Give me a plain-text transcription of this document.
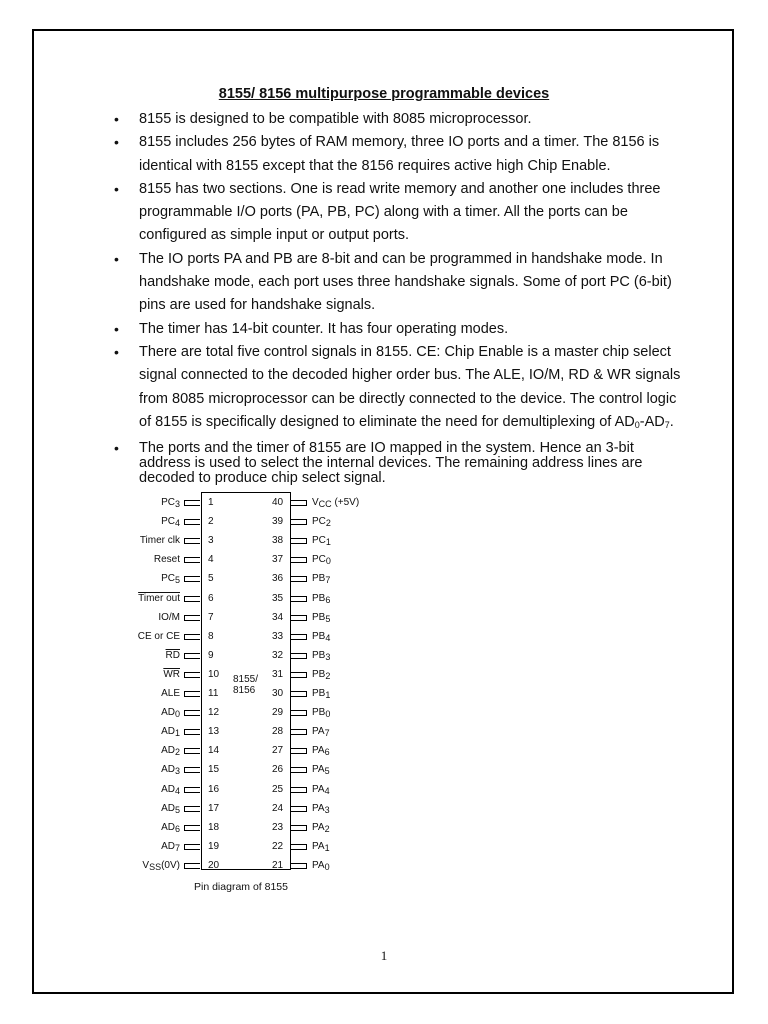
8155/ 8156 multipurpose programmable devices
• 8155 is designed to be compatible with 8085 microprocessor.
• 8155 includes 256 bytes of RAM memory, three IO ports and a timer. The 8156 is identical with 8155 except that the 8156 requires active high Chip Enable.
• 8155 has two sections. One is read write memory and another one includes three programmable I/O ports (PA, PB, PC) along with a timer. All the ports can be configured as simple input or output ports.
• The IO ports PA and PB are 8-bit and can be programmed in handshake mode. In handshake mode, each port uses three handshake signals. Some of port PC (6-bit) pins are used for handshake signals.
• The timer has 14-bit counter. It has four operating modes.
• There are total five control signals in 8155. CE: Chip Enable is a master chip select signal connected to the decoded higher order bus. The ALE, IO/M, RD & WR signals from 8085 microprocessor can be directly connected to the device. The control logic of 8155 is specifically designed to eliminate the need for demultiplexing of $AD_0-AD_7$.
• The ports and the timer of 8155 are IO mapped in the system. Hence an 3-bit address is used to select the internal devices. The remaining address lines are decoded to produce chip select signal.
8155/
8156
1
$PC_3$
2
$PC_4$
3
Timer clk
4
Reset
5
$PC_5$
6
Timer out
7
IO/M
8
CE or CE
9
$\overline{RD}$
10
$\overline{WR}$
11
ALE
12
$AD_0$
13
$AD_1$
14
$AD_2$
15
$AD_3$
16
$AD_4$
17
$AD_5$
18
$AD_6$
19
$AD_7$
20
$V_{SS}(0V)$
40	$V_{CC}$ (+5V)
39	$PC_2$
38	$PC_1$
37	$PC_0$
36	$PB_7$
35	$PB_6$
34	$PB_5$
33	$PB_4$
32	$PB_3$
31	$PB_2$
30	$PB_1$
29	$PB_0$
28	$PA_7$
27	$PA_6$
26	$PA_5$
25	$PA_4$
24	$PA_3$
23	$PA_2$
22	$PA_1$
21	$PA_0$
Pin diagram of 8155
1
